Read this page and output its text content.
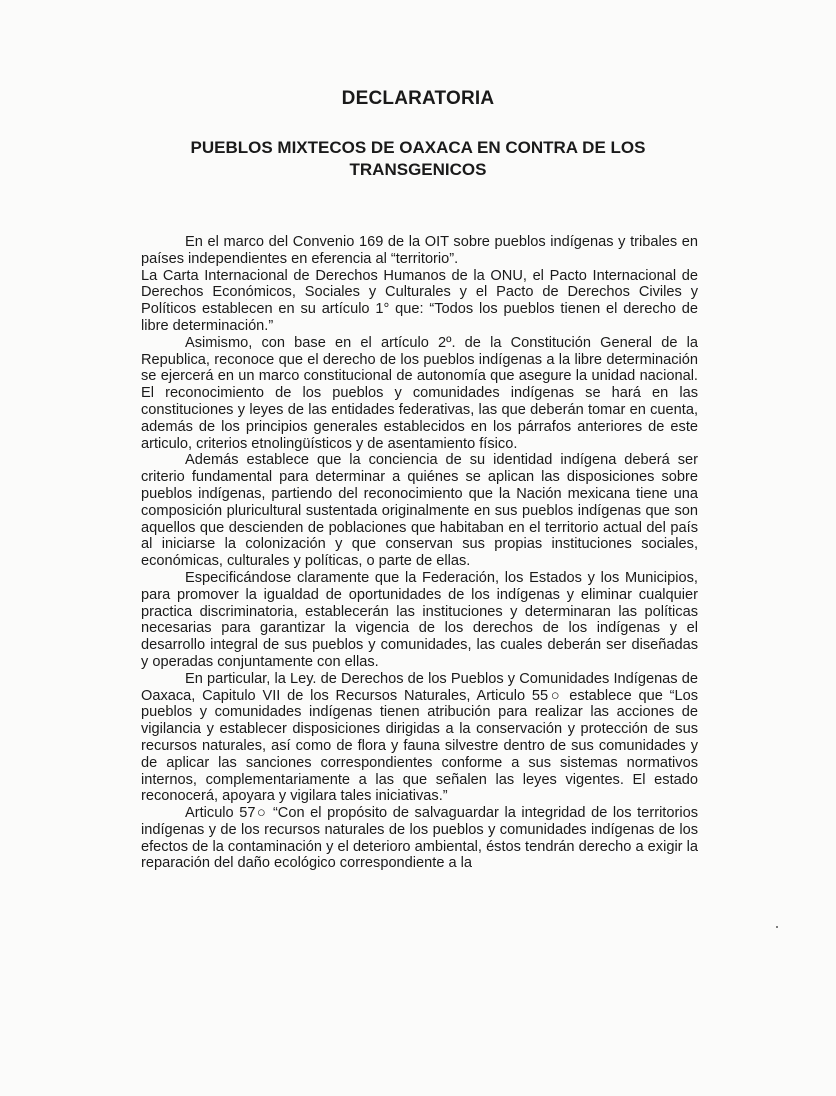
DECLARATORIA
PUEBLOS MIXTECOS DE OAXACA EN CONTRA DE LOS TRANSGENICOS

En el marco del Convenio 169 de la OIT sobre pueblos indígenas y tribales en países independientes en eferencia al “territorio”.

La Carta Internacional de Derechos Humanos de la ONU, el Pacto Internacional de Derechos Económicos, Sociales y Culturales y el Pacto de Derechos Civiles y Políticos establecen en su artículo 1° que: “Todos los pueblos tienen el derecho de libre determinación.”

Asimismo, con base en el artículo 2º. de la Constitución General de la Republica, reconoce que el derecho de los pueblos indígenas a la libre determinación se ejercerá en un marco constitucional de autonomía que asegure la unidad nacional. El reconocimiento de los pueblos y comunidades indígenas se hará en las constituciones y leyes de las entidades federativas, las que deberán tomar en cuenta, además de los principios generales establecidos en los párrafos anteriores de este articulo, criterios etnolingüísticos y de asentamiento físico.

Además establece que la conciencia de su identidad indígena deberá ser criterio fundamental para determinar a quiénes se aplican las disposiciones sobre pueblos indígenas, partiendo del reconocimiento que la Nación mexicana tiene una composición pluricultural sustentada originalmente en sus pueblos indígenas que son aquellos que descienden de poblaciones que habitaban en el territorio actual del país al iniciarse la colonización y que conservan sus propias instituciones sociales, económicas, culturales y políticas, o parte de ellas.

Especificándose claramente que la Federación, los Estados y los Municipios, para promover la igualdad de oportunidades de los indígenas y eliminar cualquier practica discriminatoria, establecerán las instituciones y determinaran las políticas necesarias para garantizar la vigencia de los derechos de los indígenas y el desarrollo integral de sus pueblos y comunidades, las cuales deberán ser diseñadas y operadas conjuntamente con ellas.

En particular, la Ley. de Derechos de los Pueblos y Comunidades Indígenas de Oaxaca, Capitulo VII de los Recursos Naturales, Articulo 55○ establece que “Los pueblos y comunidades indígenas tienen atribución para realizar las acciones de vigilancia y establecer disposiciones dirigidas a la conservación y protección de sus recursos naturales, así como de flora y fauna silvestre dentro de sus comunidades y de aplicar las sanciones correspondientes conforme a sus sistemas normativos internos, complementariamente a las que señalen las leyes vigentes. El estado reconocerá, apoyara y vigilara tales iniciativas.”

Articulo 57○ “Con el propósito de salvaguardar la integridad de los territorios indígenas y de los recursos naturales de los pueblos y comunidades indígenas de los efectos de la contaminación y el deterioro ambiental, éstos tendrán derecho a exigir la reparación del daño ecológico correspondiente a la
